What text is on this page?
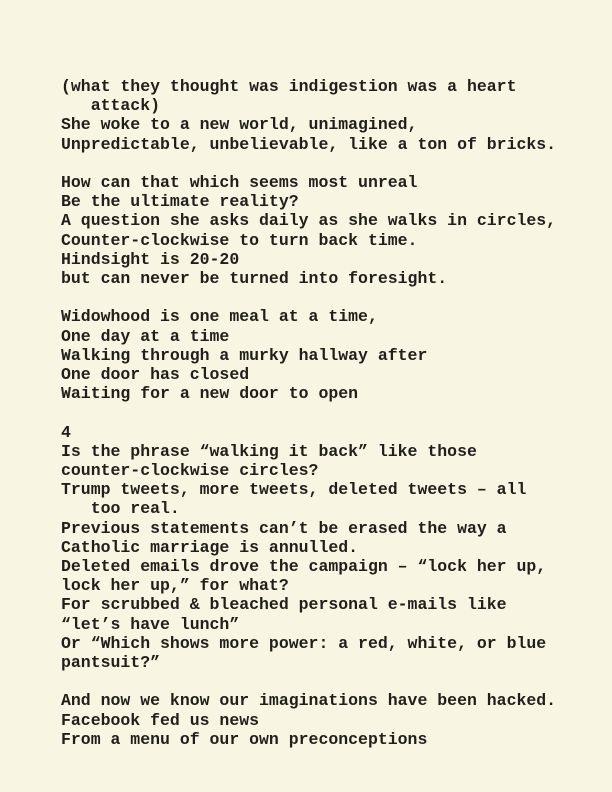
(what they thought was indigestion was a heart
attack)
She woke to a new world, unimagined,
Unpredictable, unbelievable, like a ton of bricks.
How can that which seems most unreal
Be the ultimate reality?
A question she asks daily as she walks in circles,
Counter-clockwise to turn back time.
Hindsight is 20-20
but can never be turned into foresight.
Widowhood is one meal at a time,
One day at a time
Walking through a murky hallway after
One door has closed
Waiting for a new door to open
4
Is the phrase “walking it back” like those
counter-clockwise circles?
Trump tweets, more tweets, deleted tweets – all
too real.
Previous statements can’t be erased the way a
Catholic marriage is annulled.
Deleted emails drove the campaign – “lock her up,
lock her up,” for what?
For scrubbed & bleached personal e-mails like
“let’s have lunch”
Or “Which shows more power: a red, white, or blue
pantsuit?”
And now we know our imaginations have been hacked.
Facebook fed us news
From a menu of our own preconceptions
